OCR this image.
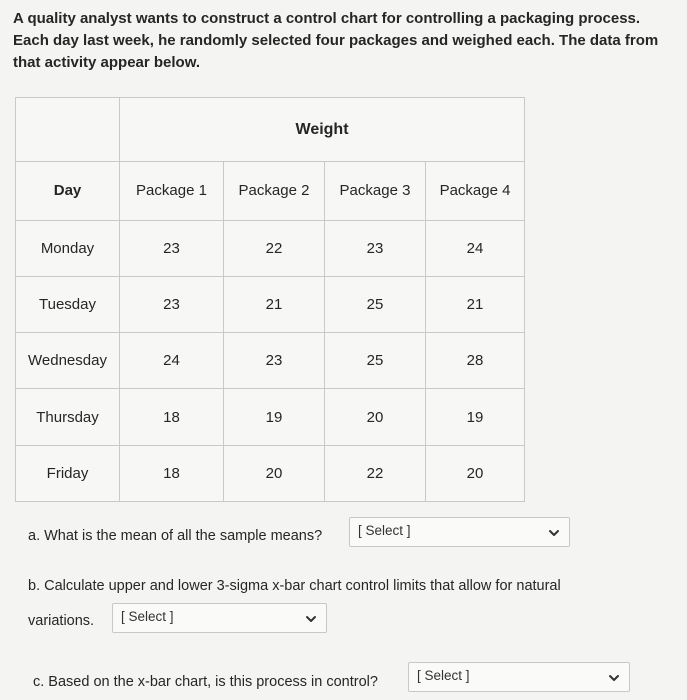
A quality analyst wants to construct a control chart for controlling a packaging process. Each day last week, he randomly selected four packages and weighed each. The data from that activity appear below.
	Weight			
Day	Package 1	Package 2	Package 3	Package 4
Monday	23	22	23	24
Tuesday	23	21	25	21
Wednesday	24	23	25	28
Thursday	18	19	20	19
Friday	18	20	22	20
a. What is the mean of all the sample means?	[ Select ]
b. Calculate upper and lower 3-sigma x-bar chart control limits that allow for natural
variations. [ Select ]
c. Based on the x-bar chart, is this process in control?	[ Select ]
